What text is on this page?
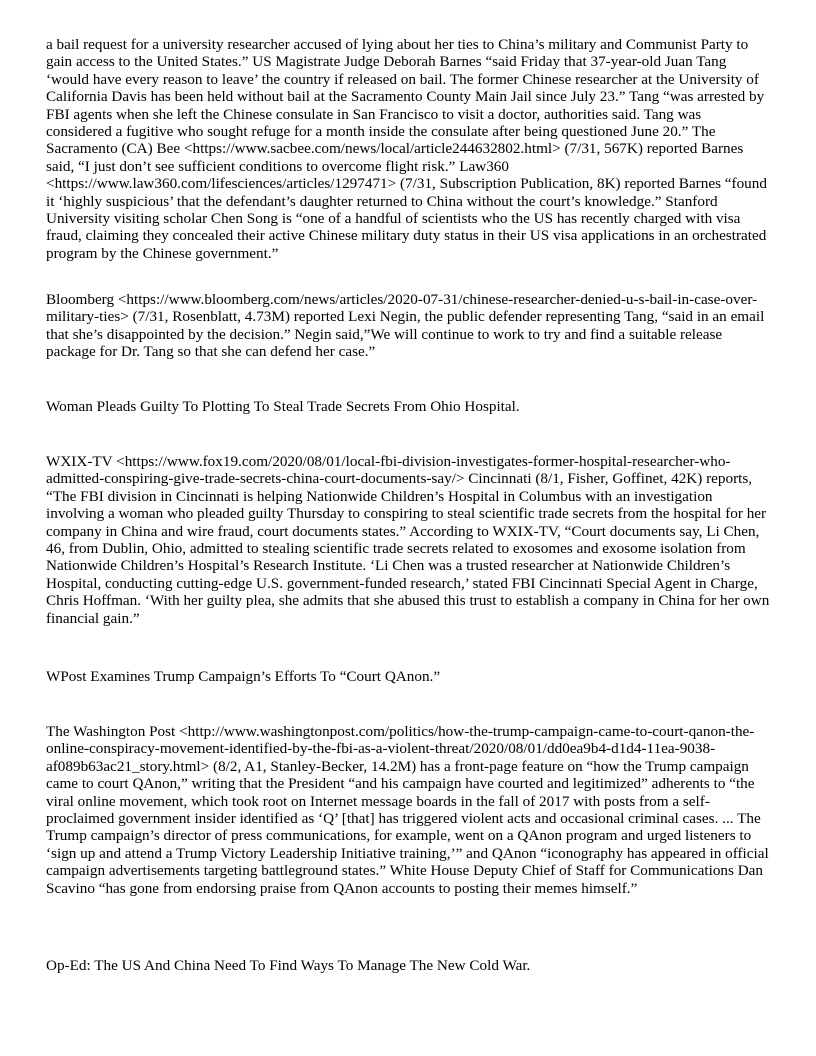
a bail request for a university researcher accused of lying about her ties to China’s military and Communist Party to gain access to the United States.” US Magistrate Judge Deborah Barnes “said Friday that 37-year-old Juan Tang ‘would have every reason to leave’ the country if released on bail. The former Chinese researcher at the University of California Davis has been held without bail at the Sacramento County Main Jail since July 23.” Tang “was arrested by FBI agents when she left the Chinese consulate in San Francisco to visit a doctor, authorities said. Tang was considered a fugitive who sought refuge for a month inside the consulate after being questioned June 20.” The Sacramento (CA) Bee <https://www.sacbee.com/news/local/article244632802.html> (7/31, 567K) reported Barnes said, “I just don’t see sufficient conditions to overcome flight risk.” Law360 <https://www.law360.com/lifesciences/articles/1297471> (7/31, Subscription Publication, 8K) reported Barnes “found it ‘highly suspicious’ that the defendant’s daughter returned to China without the court’s knowledge.” Stanford University visiting scholar Chen Song is “one of a handful of scientists who the US has recently charged with visa fraud, claiming they concealed their active Chinese military duty status in their US visa applications in an orchestrated program by the Chinese government.”

Bloomberg <https://www.bloomberg.com/news/articles/2020-07-31/chinese-researcher-denied-u-s-bail-in-case-over-military-ties> (7/31, Rosenblatt, 4.73M) reported Lexi Negin, the public defender representing Tang, “said in an email that she’s disappointed by the decision.” Negin said,”We will continue to work to try and find a suitable release package for Dr. Tang so that she can defend her case.”

Woman Pleads Guilty To Plotting To Steal Trade Secrets From Ohio Hospital.

WXIX-TV <https://www.fox19.com/2020/08/01/local-fbi-division-investigates-former-hospital-researcher-who-admitted-conspiring-give-trade-secrets-china-court-documents-say/> Cincinnati (8/1, Fisher, Goffinet, 42K) reports, “The FBI division in Cincinnati is helping Nationwide Children’s Hospital in Columbus with an investigation involving a woman who pleaded guilty Thursday to conspiring to steal scientific trade secrets from the hospital for her company in China and wire fraud, court documents states.” According to WXIX-TV, “Court documents say, Li Chen, 46, from Dublin, Ohio, admitted to stealing scientific trade secrets related to exosomes and exosome isolation from Nationwide Children’s Hospital’s Research Institute. ‘Li Chen was a trusted researcher at Nationwide Children’s Hospital, conducting cutting-edge U.S. government-funded research,’ stated FBI Cincinnati Special Agent in Charge, Chris Hoffman. ‘With her guilty plea, she admits that she abused this trust to establish a company in China for her own financial gain.”

WPost Examines Trump Campaign’s Efforts To “Court QAnon.”

The Washington Post <http://www.washingtonpost.com/politics/how-the-trump-campaign-came-to-court-qanon-the-online-conspiracy-movement-identified-by-the-fbi-as-a-violent-threat/2020/08/01/dd0ea9b4-d1d4-11ea-9038-af089b63ac21_story.html> (8/2, A1, Stanley-Becker, 14.2M) has a front-page feature on “how the Trump campaign came to court QAnon,” writing that the President “and his campaign have courted and legitimized” adherents to “the viral online movement, which took root on Internet message boards in the fall of 2017 with posts from a self-proclaimed government insider identified as ‘Q’ [that] has triggered violent acts and occasional criminal cases. ... The Trump campaign’s director of press communications, for example, went on a QAnon program and urged listeners to ‘sign up and attend a Trump Victory Leadership Initiative training,’” and QAnon “iconography has appeared in official campaign advertisements targeting battleground states.” White House Deputy Chief of Staff for Communications Dan Scavino “has gone from endorsing praise from QAnon accounts to posting their memes himself.”

Op-Ed: The US And China Need To Find Ways To Manage The New Cold War.
